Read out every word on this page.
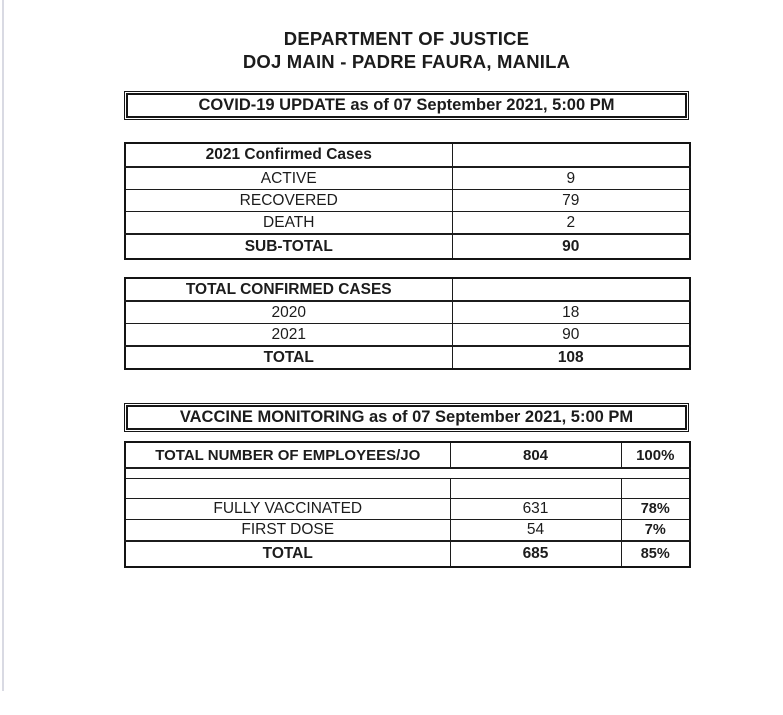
DEPARTMENT OF JUSTICE
DOJ MAIN - PADRE FAURA, MANILA
COVID-19 UPDATE as of 07 September 2021, 5:00 PM
2021 Confirmed Cases	
ACTIVE	9
RECOVERED	79
DEATH	2
SUB-TOTAL	90
TOTAL CONFIRMED CASES	
2020	18
2021	90
TOTAL	108
VACCINE MONITORING as of 07 September 2021, 5:00 PM
TOTAL NUMBER OF EMPLOYEES/JO	804	100%

FULLY VACCINATED	631	78%
FIRST DOSE	54	7%
TOTAL	685	85%
